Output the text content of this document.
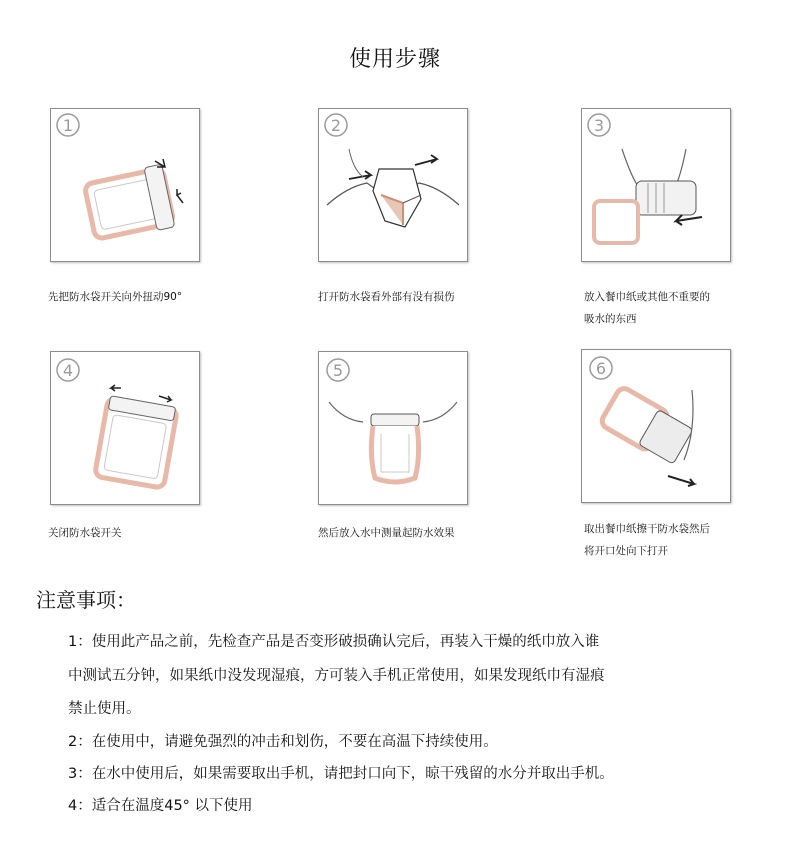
使用步骤
1
先把防水袋开关向外扭动90°
2
打开防水袋看外部有没有损伤
3
放入餐巾纸或其他不重要的
吸水的东西
4
关闭防水袋开关
5
然后放入水中测量起防水效果
6
取出餐巾纸擦干防水袋然后
将开口处向下打开
注意事项：
1：使用此产品之前，先检查产品是否变形破损确认完后，再装入干燥的纸巾放入谁
中测试五分钟，如果纸巾没发现湿痕，方可装入手机正常使用，如果发现纸巾有湿痕
禁止使用。
2：在使用中，请避免强烈的冲击和划伤，不要在高温下持续使用。
3：在水中使用后，如果需要取出手机，请把封口向下，晾干残留的水分并取出手机。
4：适合在温度45° 以下使用
